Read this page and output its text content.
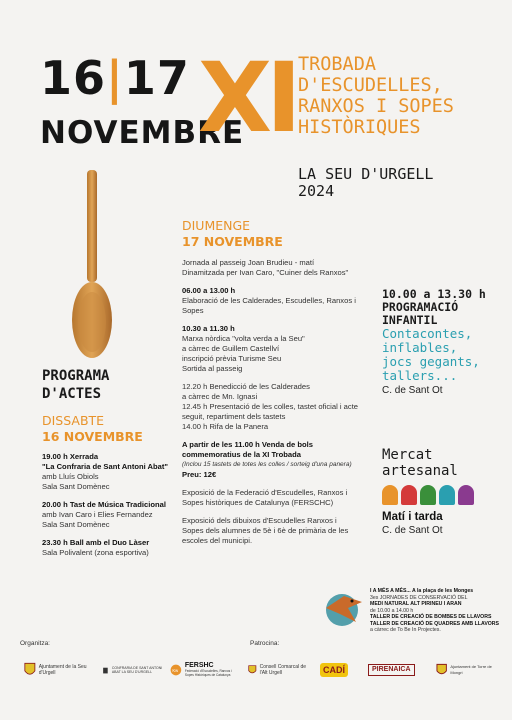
16|17
NOVEMBRE
XI TROBADA
D'ESCUDELLES,
RANXOS I SOPES
HISTÒRIQUES
LA SEU D'URGELL
2024
PROGRAMA
D'ACTES
DISSABTE
16 NOVEMBRE
19.00 h Xerrada
"La Confraria de Sant Antoni Abat"
amb Lluís Obiols
Sala Sant Domènec
20.00 h Tast de Música Tradicional
amb Ivan Caro i Elies Fernandez
Sala Sant Domènec
23.30 h Ball amb el Duo Làser
Sala Polivalent (zona esportiva)
DIUMENGE
17 NOVEMBRE
Jornada al passeig Joan Brudieu - matí
Dinamitzada per Ivan Caro, "Cuiner dels Ranxos"
06.00 a 13.00 h
Elaboració de les Calderades, Escudelles, Ranxos i Sopes
10.30 a 11.30 h
Marxa nòrdica "volta verda a la Seu"
a càrrec de Guillem Castellví
inscripció prèvia Turisme Seu
Sortida al passeig
12.20 h Benedicció de les Calderades
a càrrec de Mn. Ignasi
12.45 h Presentació de les colles, tastet oficial i acte seguit, repartiment dels tastets
14.00 h Rifa de la Panera
A partir de les 11.00 h Venda de bols commemoratius de la XI Trobada
(Inclou 15 tastets de totes les colles / sorteig d'una panera)
Preu: 12€
Exposició de la Federació d'Escudelles, Ranxos i Sopes històriques de Catalunya (FERSCHC)
Exposició dels dibuixos d'Escudelles Ranxos i Sopes dels alumnes de 5è i 6è de primària de les escoles del municipi.
10.00 a 13.30 h
PROGRAMACIÓ
INFANTIL
Contacontes,
inflables,
jocs gegants,
tallers...
C. de Sant Ot
Mercat
artesanal
Matí i tarda
C. de Sant Ot
I A MÉS A MÉS... A la plaça de les Monges
3es JORNADES DE CONSERVACIÓ DEL
MEDI NATURAL ALT PIRINEU I ARAN
de 10.00 a 14.00 h
TALLER DE CREACIÓ DE BOMBES DE LLAVORS
TALLER DE CREACIÓ DE QUADRES AMB LLAVORS
a càrrec de To Be In Projectes.
Organitza:	Patrocina:
Ajuntament de la Seu d'Urgell
CONFRARIA DE SANT ANTONI ABAT LA SEU D'URGELL	Kw
FERSHC
Federació d'Escudelles, Ranxos i Sopes Històriques de Catalunya
Consell Comarcal de l'Alt Urgell	CADÍ	PIRENAICA	Ajuntament de Torre de Mongri
